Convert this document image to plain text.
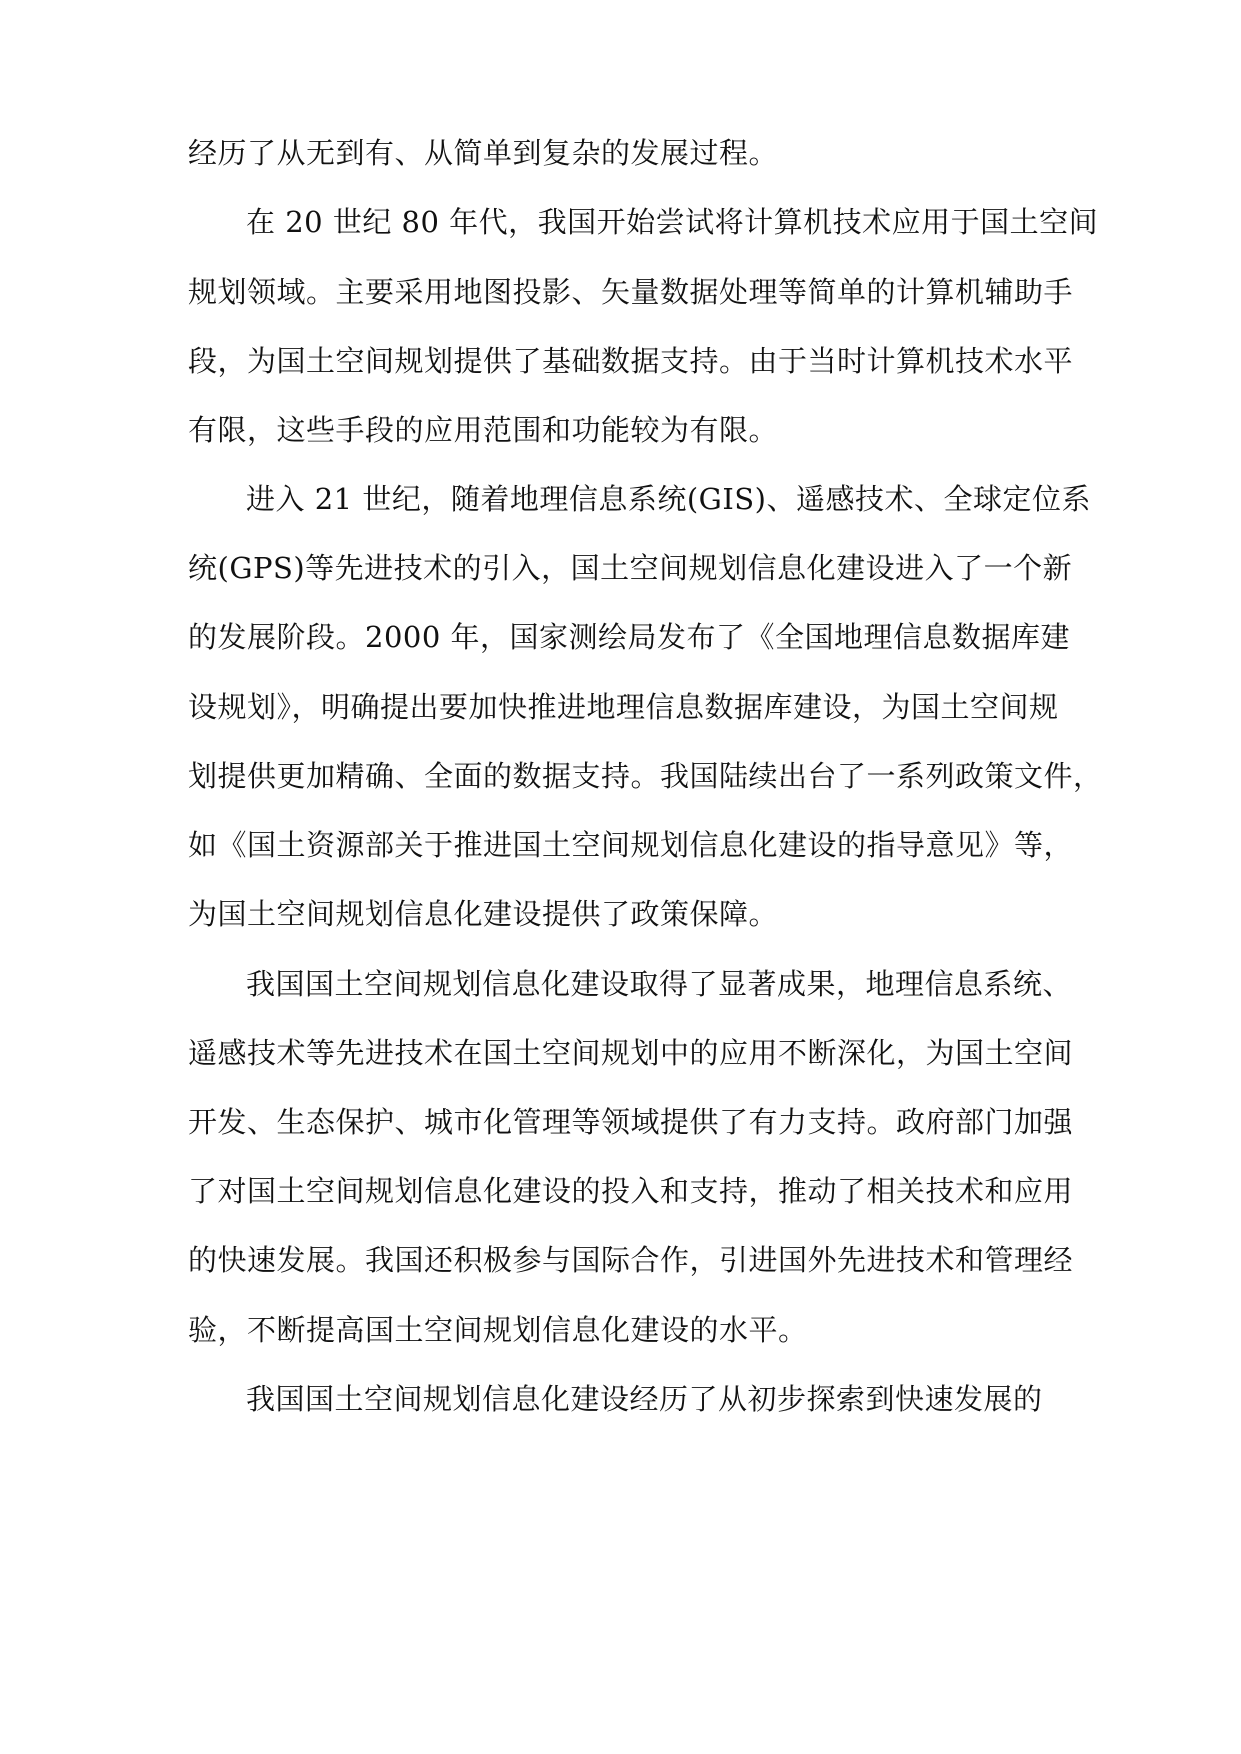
经历了从无到有、从简单到复杂的发展过程。
在 20 世纪 80 年代，我国开始尝试将计算机技术应用于国土空间
规划领域。主要采用地图投影、矢量数据处理等简单的计算机辅助手
段，为国土空间规划提供了基础数据支持。由于当时计算机技术水平
有限，这些手段的应用范围和功能较为有限。
进入 21 世纪，随着地理信息系统(GIS)、遥感技术、全球定位系
统(GPS)等先进技术的引入，国土空间规划信息化建设进入了一个新
的发展阶段。2000 年，国家测绘局发布了《全国地理信息数据库建
设规划》，明确提出要加快推进地理信息数据库建设，为国土空间规
划提供更加精确、全面的数据支持。我国陆续出台了一系列政策文件，
如《国土资源部关于推进国土空间规划信息化建设的指导意见》等，
为国土空间规划信息化建设提供了政策保障。
我国国土空间规划信息化建设取得了显著成果，地理信息系统、
遥感技术等先进技术在国土空间规划中的应用不断深化，为国土空间
开发、生态保护、城市化管理等领域提供了有力支持。政府部门加强
了对国土空间规划信息化建设的投入和支持，推动了相关技术和应用
的快速发展。我国还积极参与国际合作，引进国外先进技术和管理经
验，不断提高国土空间规划信息化建设的水平。
我国国土空间规划信息化建设经历了从初步探索到快速发展的
